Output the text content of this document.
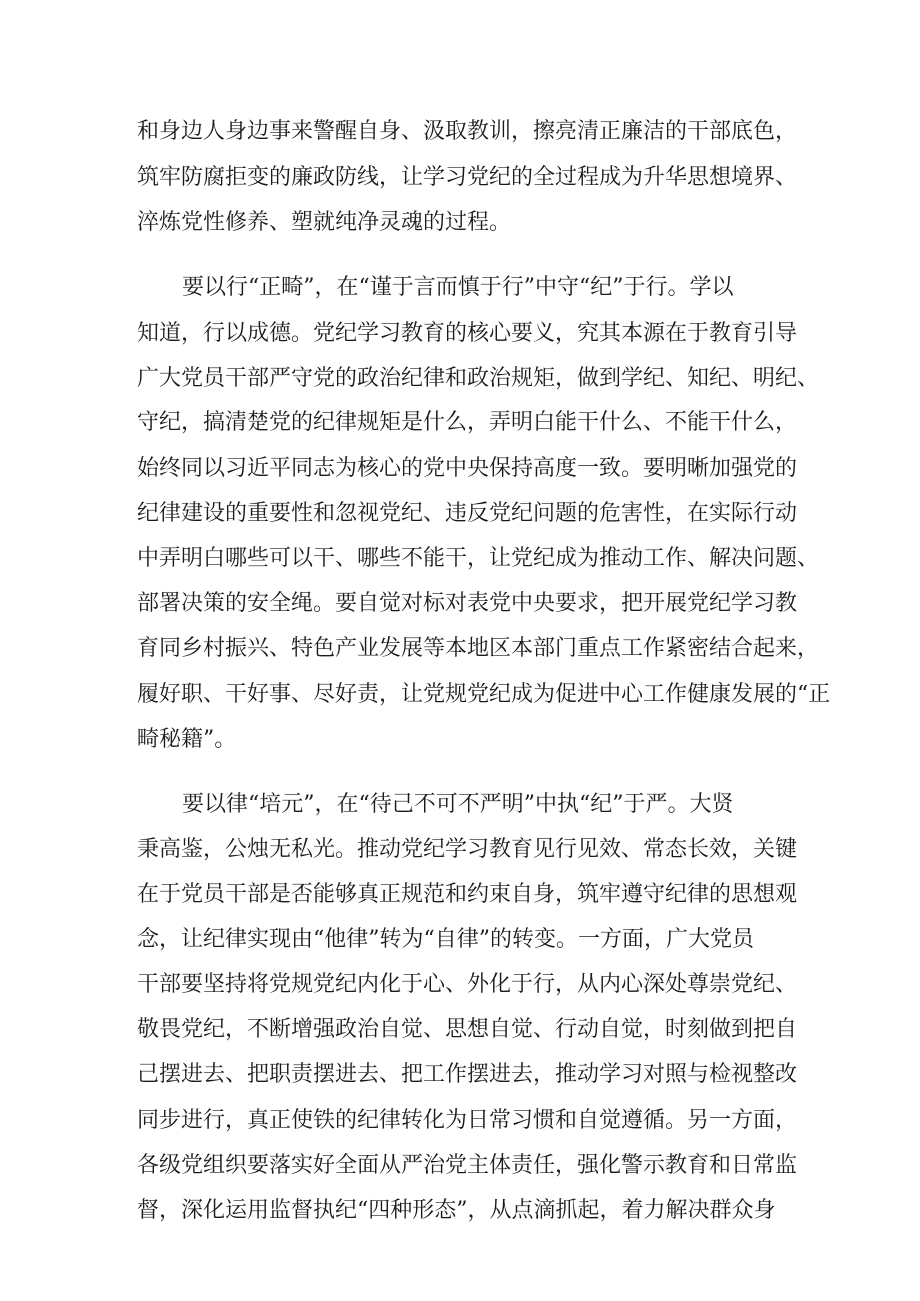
和身边人身边事来警醒自身、汲取教训，擦亮清正廉洁的干部底色，
筑牢防腐拒变的廉政防线，让学习党纪的全过程成为升华思想境界、
淬炼党性修养、塑就纯净灵魂的过程。
要以行“正畸”，在“谨于言而慎于行”中守“纪”于行。学以
知道，行以成德。党纪学习教育的核心要义，究其本源在于教育引导
广大党员干部严守党的政治纪律和政治规矩，做到学纪、知纪、明纪、
守纪，搞清楚党的纪律规矩是什么，弄明白能干什么、不能干什么，
始终同以习近平同志为核心的党中央保持高度一致。要明晰加强党的
纪律建设的重要性和忽视党纪、违反党纪问题的危害性，在实际行动
中弄明白哪些可以干、哪些不能干，让党纪成为推动工作、解决问题、
部署决策的安全绳。要自觉对标对表党中央要求，把开展党纪学习教
育同乡村振兴、特色产业发展等本地区本部门重点工作紧密结合起来，
履好职、干好事、尽好责，让党规党纪成为促进中心工作健康发展的“正
畸秘籍”。
要以律“培元”，在“待己不可不严明”中执“纪”于严。大贤
秉高鉴，公烛无私光。推动党纪学习教育见行见效、常态长效，关键
在于党员干部是否能够真正规范和约束自身，筑牢遵守纪律的思想观
念，让纪律实现由“他律”转为“自律”的转变。一方面，广大党员
干部要坚持将党规党纪内化于心、外化于行，从内心深处尊崇党纪、
敬畏党纪，不断增强政治自觉、思想自觉、行动自觉，时刻做到把自
己摆进去、把职责摆进去、把工作摆进去，推动学习对照与检视整改
同步进行，真正使铁的纪律转化为日常习惯和自觉遵循。另一方面，
各级党组织要落实好全面从严治党主体责任，强化警示教育和日常监
督，深化运用监督执纪“四种形态”，从点滴抓起，着力解决群众身
